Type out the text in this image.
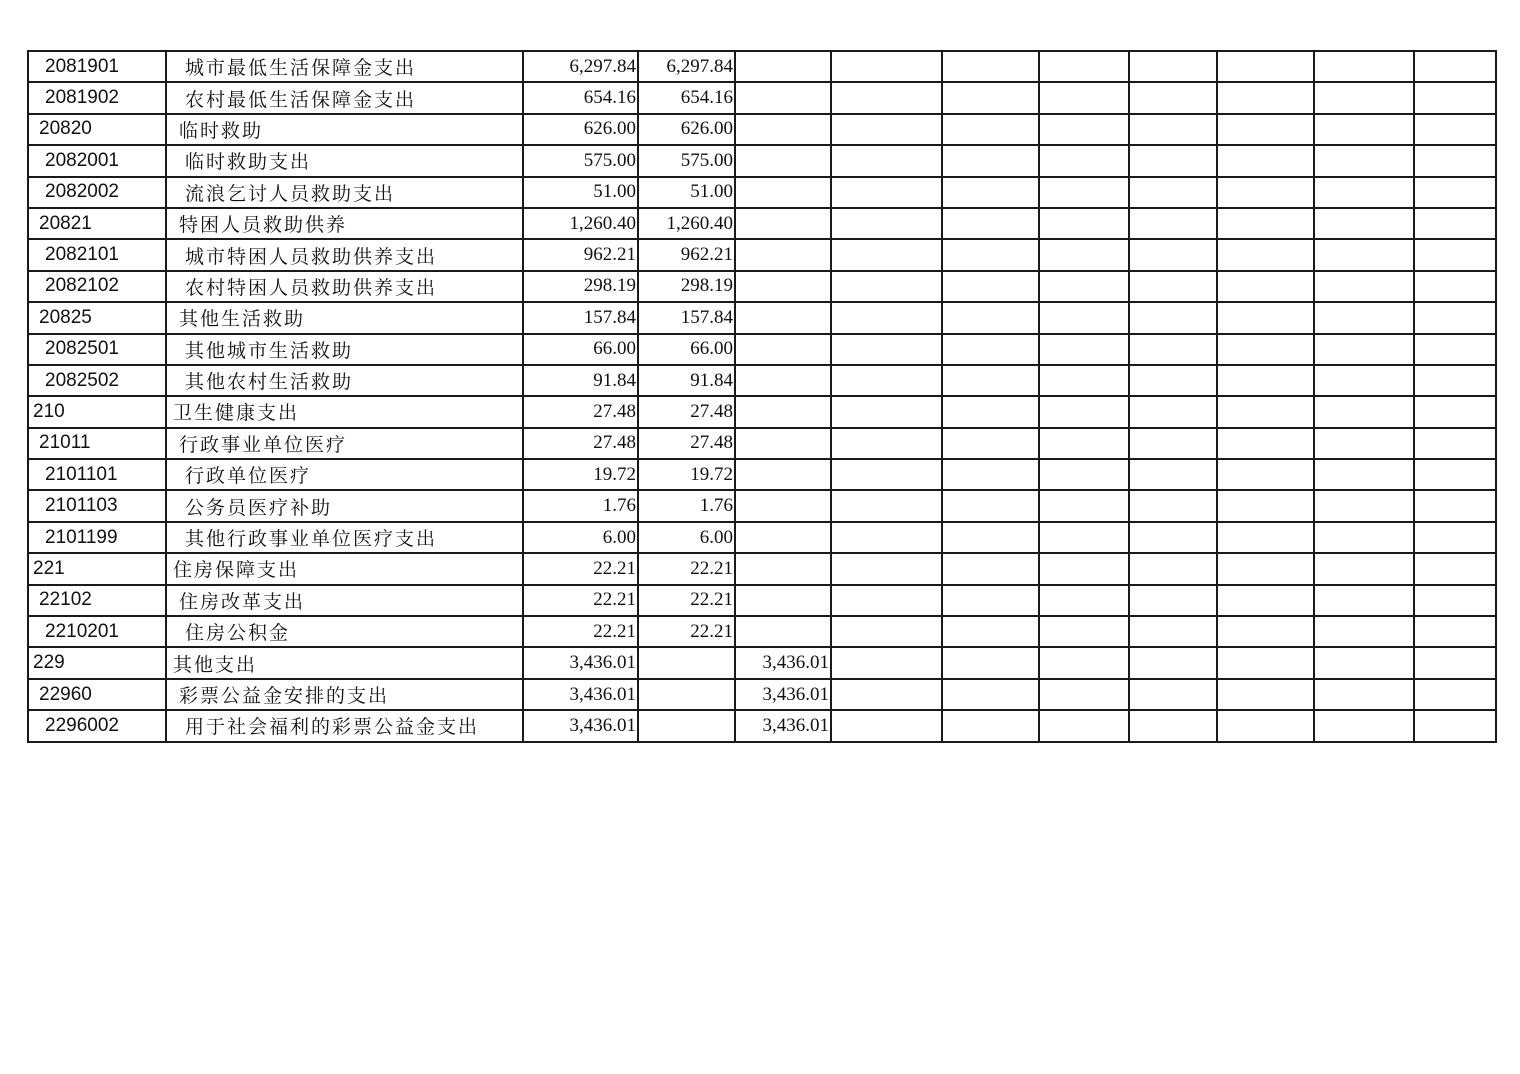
2081901	城市最低生活保障金支出	6,297.84	6,297.84								
2081902	农村最低生活保障金支出	654.16	654.16								
20820	临时救助	626.00	626.00								
2082001	临时救助支出	575.00	575.00								
2082002	流浪乞讨人员救助支出	51.00	51.00								
20821	特困人员救助供养	1,260.40	1,260.40								
2082101	城市特困人员救助供养支出	962.21	962.21								
2082102	农村特困人员救助供养支出	298.19	298.19								
20825	其他生活救助	157.84	157.84								
2082501	其他城市生活救助	66.00	66.00								
2082502	其他农村生活救助	91.84	91.84								
210	卫生健康支出	27.48	27.48								
21011	行政事业单位医疗	27.48	27.48								
2101101	行政单位医疗	19.72	19.72								
2101103	公务员医疗补助	1.76	1.76								
2101199	其他行政事业单位医疗支出	6.00	6.00								
221	住房保障支出	22.21	22.21								
22102	住房改革支出	22.21	22.21								
2210201	住房公积金	22.21	22.21								
229	其他支出	3,436.01		3,436.01							
22960	彩票公益金安排的支出	3,436.01		3,436.01							
2296002	用于社会福利的彩票公益金支出	3,436.01		3,436.01							
